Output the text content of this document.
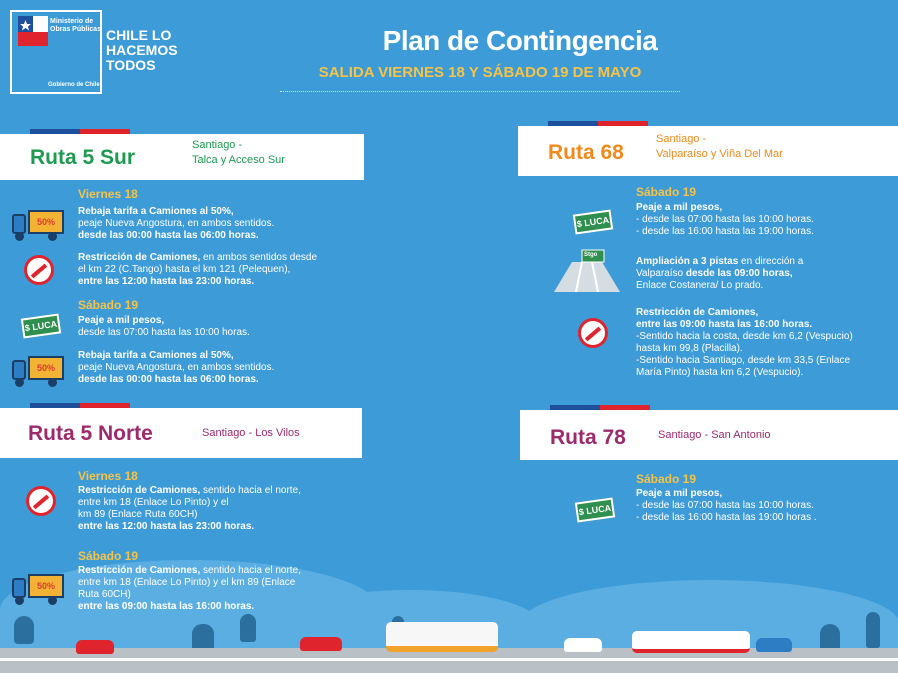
Ministerio de Obras Públicas
Gobierno de Chile
CHILE LO
HACEMOS
TODOS
Plan de Contingencia
SALIDA VIERNES 18 Y SÁBADO 19 DE MAYO
Ruta 5 Sur
Santiago -
Talca y Acceso Sur
Viernes 18
50%
Rebaja tarifa a Camiones al 50%,
peaje Nueva Angostura, en ambos sentidos.
desde las 00:00 hasta las 06:00 horas.
Restricción de Camiones, en ambos sentidos desde
el km 22 (C.Tango) hasta el km 121 (Pelequen),
entre las 12:00 hasta las 23:00 horas.
Sábado 19
$ LUCA	Peaje a mil pesos,
desde las 07:00 hasta las 10:00 horas.
50%
Rebaja tarifa a Camiones al 50%,
peaje Nueva Angostura, en ambos sentidos.
desde las 00:00 hasta las 06:00 horas.
Ruta 68
Santiago -
Valparaíso y Viña Del Mar
Sábado 19
$ LUCA
Peaje a mil pesos,
- desde las 07:00 hasta las 10:00 horas.
- desde las 16:00 hasta las 19:00 horas.
Stgo
Ampliación a 3 pistas en dirección a
Valparaíso desde las 09:00 horas,
Enlace Costanera/ Lo prado.
Restricción de Camiones,
entre las 09:00 hasta las 16:00 horas.
-Sentido hacia la costa, desde km 6,2 (Vespucio)
hasta km 99,8 (Placilla).
-Sentido hacia Santiago, desde km 33,5 (Enlace
María Pinto) hasta km 6,2 (Vespucio).
Ruta 5 Norte	Santiago - Los Vilos
Viernes 18
Restricción de Camiones, sentido hacia el norte,
entre km 18 (Enlace Lo Pinto) y el
km 89 (Enlace Ruta 60CH)
entre las 12:00 hasta las 23:00 horas.
Sábado 19
50%
Restricción de Camiones, sentido hacia el norte,
entre km 18 (Enlace Lo Pinto) y el km 89 (Enlace
Ruta 60CH)
entre las 09:00 hasta las 16:00 horas.
Ruta 78	Santiago - San Antonio
Sábado 19
$ LUCA
Peaje a mil pesos,
- desde las 07:00 hasta las 10:00 horas.
- desde las 16:00 hasta las 19:00 horas .
